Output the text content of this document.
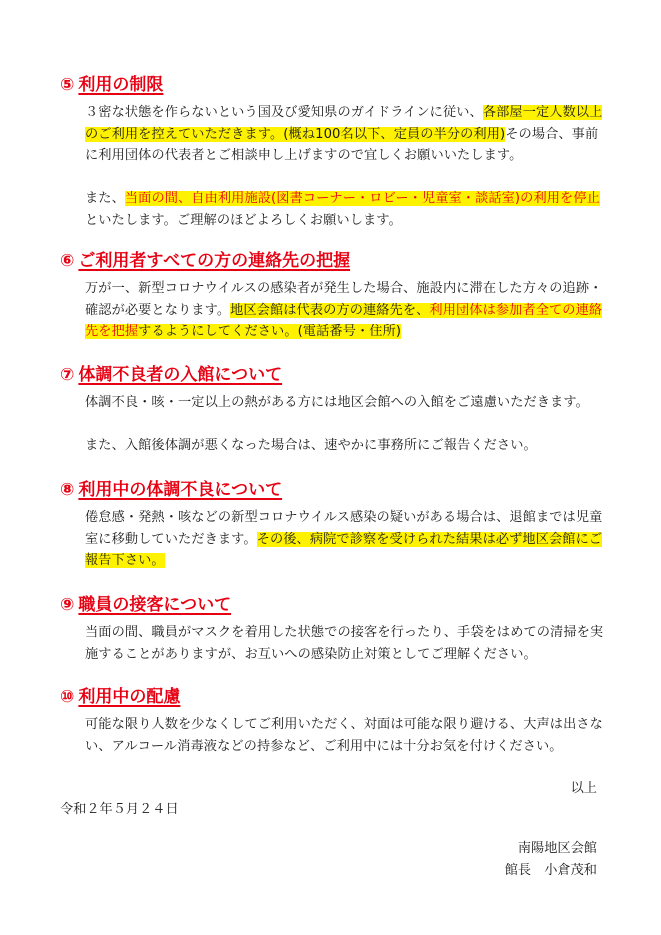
⑤ 利用の制限
３密な状態を作らないという国及び愛知県のガイドラインに従い、各部屋一定人数以上のご利用を控えていただきます。(概ね100名以下、定員の半分の利用)その場合、事前に利用団体の代表者とご相談申し上げますので宜しくお願いいたします。
また、当面の間、自由利用施設(図書コーナー・ロビー・児童室・談話室)の利用を停止といたします。ご理解のほどよろしくお願いします。
⑥ ご利用者すべての方の連絡先の把握
万が一、新型コロナウイルスの感染者が発生した場合、施設内に滞在した方々の追跡・確認が必要となります。地区会館は代表の方の連絡先を、利用団体は参加者全ての連絡先を把握するようにしてください。(電話番号・住所)
⑦ 体調不良者の入館について
体調不良・咳・一定以上の熱がある方には地区会館への入館をご遠慮いただきます。
また、入館後体調が悪くなった場合は、速やかに事務所にご報告ください。
⑧ 利用中の体調不良について
倦怠感・発熱・咳などの新型コロナウイルス感染の疑いがある場合は、退館までは児童室に移動していただきます。その後、病院で診察を受けられた結果は必ず地区会館にご報告下さい。
⑨ 職員の接客について
当面の間、職員がマスクを着用した状態での接客を行ったり、手袋をはめての清掃を実施することがありますが、お互いへの感染防止対策としてご理解ください。
⑩ 利用中の配慮
可能な限り人数を少なくしてご利用いただく、対面は可能な限り避ける、大声は出さない、アルコール消毒液などの持参など、ご利用中には十分お気を付けください。
以上
令和２年５月２４日
南陽地区会館
館長　小倉茂和
